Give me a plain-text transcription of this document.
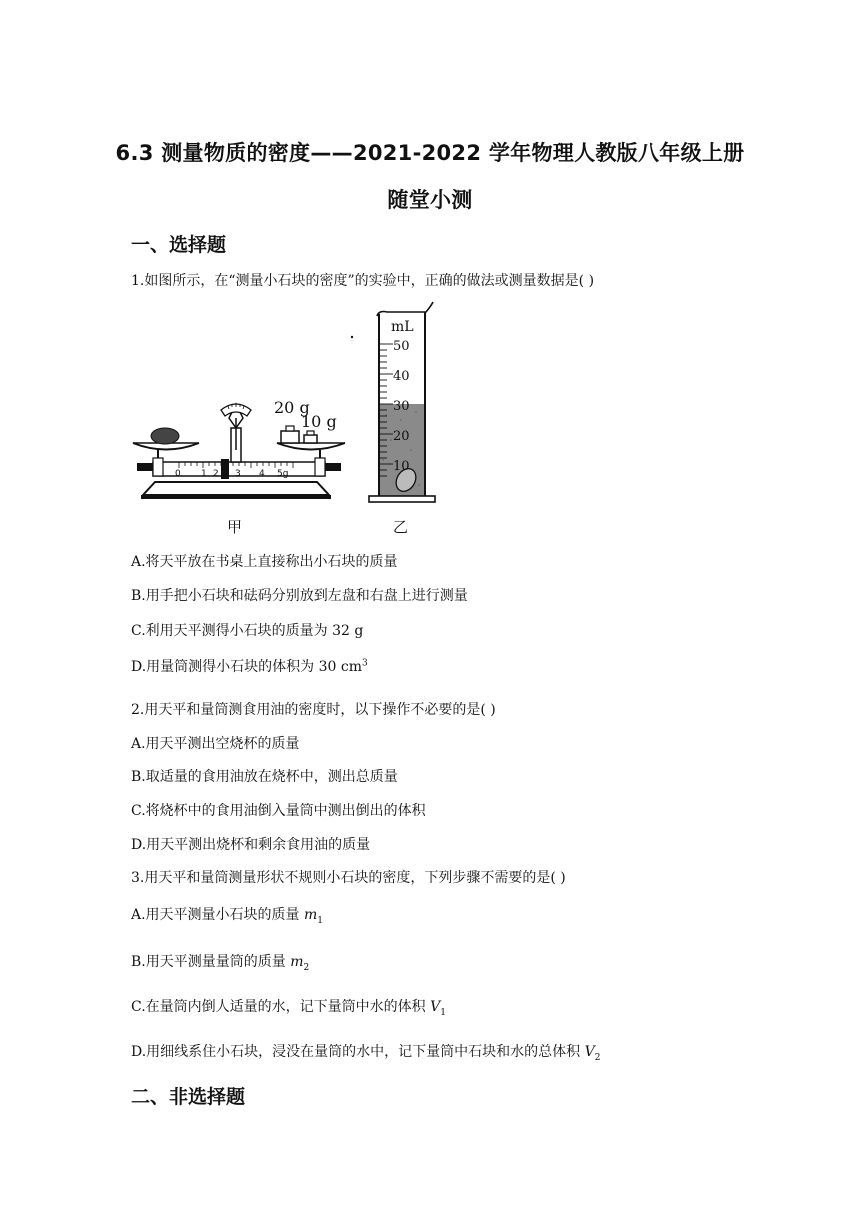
6.3 测量物质的密度——2021-2022 学年物理人教版八年级上册
随堂小测
一、选择题
1.如图所示，在“测量小石块的密度”的实验中，正确的做法或测量数据是( )
0 1 2 3 4 5g
20 g
10 g
mL
50
40
30
20
10
甲	乙
A.将天平放在书桌上直接称出小石块的质量
B.用手把小石块和砝码分别放到左盘和右盘上进行测量
C.利用天平测得小石块的质量为 32 g
D.用量筒测得小石块的体积为 30 $cm^3$
2.用天平和量筒测食用油的密度时，以下操作不必要的是( )
A.用天平测出空烧杯的质量
B.取适量的食用油放在烧杯中，测出总质量
C.将烧杯中的食用油倒入量筒中测出倒出的体积
D.用天平测出烧杯和剩余食用油的质量
3.用天平和量筒测量形状不规则小石块的密度，下列步骤不需要的是( )
A.用天平测量小石块的质量 $m_1$
B.用天平测量量筒的质量 $m_2$
C.在量筒内倒人适量的水，记下量筒中水的体积 $V_1$
D.用细线系住小石块，浸没在量筒的水中，记下量筒中石块和水的总体积 $V_2$
二、非选择题
